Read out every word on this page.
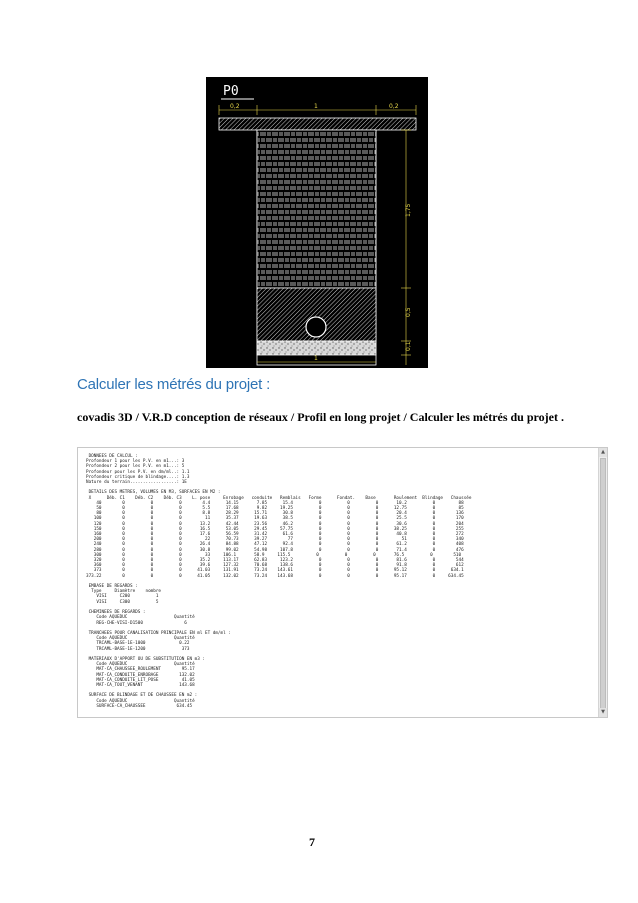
P0
0,2	1	0,2
1,75
0,5
0,1
1
Calculer les métrés du projet :

covadis 3D / V.R.D conception de réseaux / Profil en long projet / Calculer les métrés du projet .

DONNEES DE CALCUL :
Profondeur 1 pour les P.V. en m1...: 3
Profondeur 2 pour les P.V. en m1...: 5
Profondeur pour les P.V. en dm/ml..: 1.1
Profondeur critique de blindage....: 1.3
Nature du terrain..................: 1E

DETAILS DES METRES, VOLUMES EN M3, SURFACES EN M2 :
X      Déb. C1    Déb. C2    Déb. C3    L. pose     Enrobage   conduite   Remblais   Forme      Fondat.    Base       Roulement  Blindage   Chaussée
40        0          0          0        4.4      14.15       7.85      15.4          0          0          0       10.2          0         88
50        0          0          0        5.5      17.68       9.82     19.25          0          0          0      12.75          0         85
80        0          0          0        8.8      28.29      15.71      30.8          0          0          0       20.4          0        136
100        0          0          0         11      35.37      19.63      38.5          0          0          0       25.5          0        170
120        0          0          0       13.2      42.44      23.56      46.2          0          0          0       30.6          0        204
150        0          0          0       16.5      53.05      29.45     57.75          0          0          0      38.25          0        255
160        0          0          0       17.6      56.59      31.42      61.6          0          0          0       40.8          0        272
200        0          0          0         22      70.73      39.27        77          0          0          0         51          0        340
240        0          0          0       26.4      84.88      47.12      92.4          0          0          0       61.2          0        408
280        0          0          0       30.8      99.02      54.98     107.8          0          0          0       71.4          0        476
300        0          0          0         33     106.1       58.9     115.5          0          0          0       76.5          0        510
320        0          0          0       35.2     113.17      62.83     123.2          0          0          0       81.6          0        544
360        0          0          0       39.6     127.32      70.68     138.6          0          0          0       91.8          0        612
373        0          0          0      41.03     131.91      73.24    143.61          0          0          0      95.12          0      634.1
373.22        0          0          0      41.05     132.02      73.24    143.68          0          0          0      95.17          0     634.45

EMBASE DE REGARDS :
Type     Diamètre    nombre
VISI     C200          1
VISI     C300          5

CHEMINEES DE REGARDS :
Code AQUEDUC                  Quantité
REG-CHE-VISI-D1500                6

TRANCHEES POUR CANALISATION PRINCIPALE EN ml ET dm/ml :
Code AQUEDUC                  Quantité
TRCAML-BASE-1E-1000             0.22
TRCAML-BASE-1E-1200              373

MATERIAUX D'APPORT OU DE SUBSTITUTION EN m3 :
Code AQUEDUC                  Quantité
MAT-CA_CHAUSSEE_ROULEMENT        95.17
MAT-CA_CONDUITE_ENROBAGE        132.02
MAT-CA_CONDUITE_LIT_POSE         41.05
MAT-CA_TOUT_VENANT              143.68

SURFACE DE BLINDAGE ET DE CHAUSSEE EN m2 :
Code AQUEDUC                  Quantité
SURFACE-CA_CHAUSSEE            634.45
▲
▼

7
